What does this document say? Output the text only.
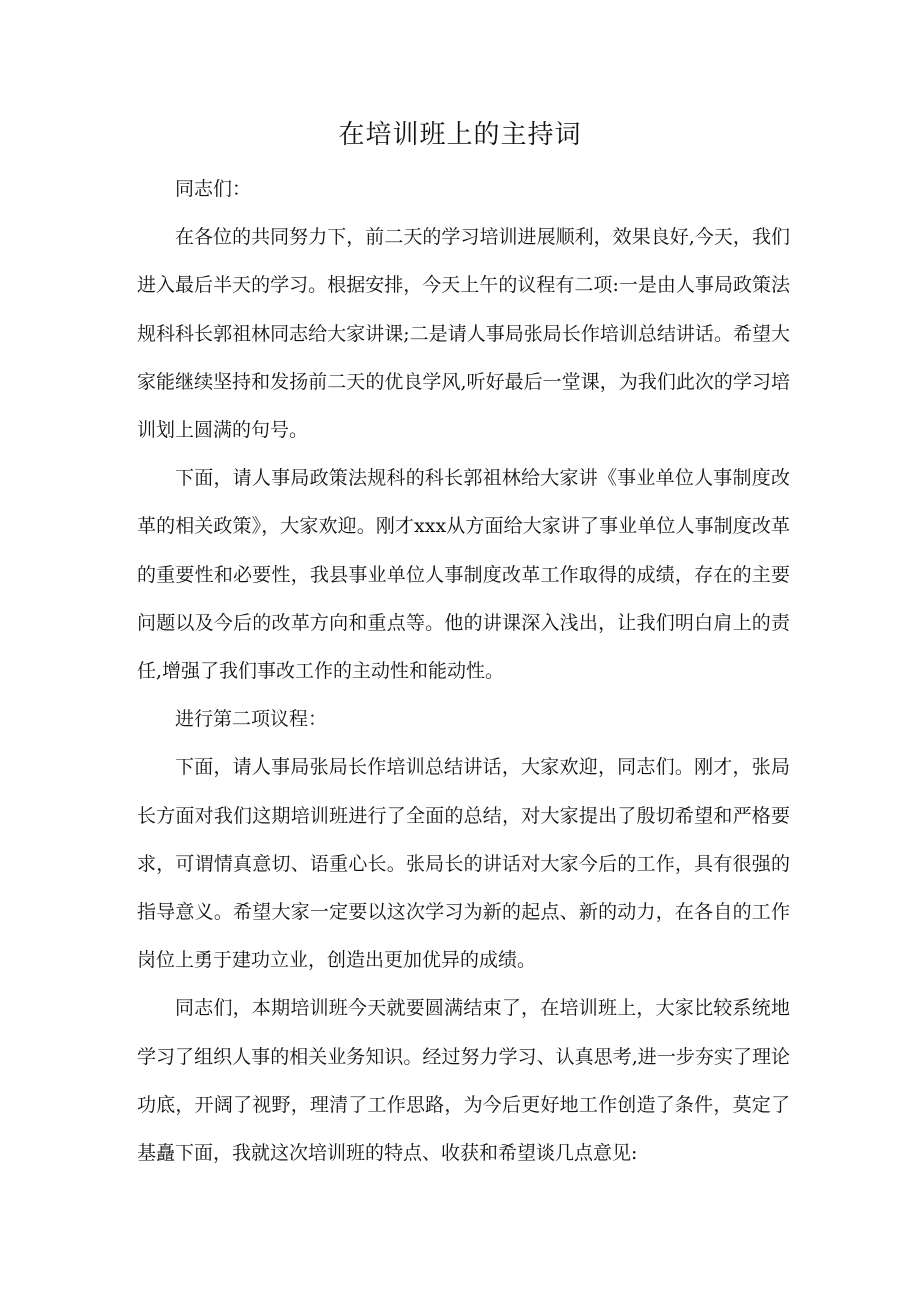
在培训班上的主持词

同志们：

在各位的共同努力下，前二天的学习培训进展顺利，效果良好,今天，我们进入最后半天的学习。根据安排，今天上午的议程有二项:一是由人事局政策法规科科长郭祖林同志给大家讲课;二是请人事局张局长作培训总结讲话。希望大家能继续坚持和发扬前二天的优良学风,听好最后一堂课，为我们此次的学习培训划上圆满的句号。

下面，请人事局政策法规科的科长郭祖林给大家讲《事业单位人事制度改革的相关政策》，大家欢迎。刚才xxx从方面给大家讲了事业单位人事制度改革的重要性和必要性，我县事业单位人事制度改革工作取得的成绩，存在的主要问题以及今后的改革方向和重点等。他的讲课深入浅出，让我们明白肩上的责任,增强了我们事改工作的主动性和能动性。

进行第二项议程：

下面，请人事局张局长作培训总结讲话，大家欢迎，同志们。刚才，张局长方面对我们这期培训班进行了全面的总结，对大家提出了殷切希望和严格要求，可谓情真意切、语重心长。张局长的讲话对大家今后的工作，具有很强的指导意义。希望大家一定要以这次学习为新的起点、新的动力，在各自的工作岗位上勇于建功立业，创造出更加优异的成绩。

同志们，本期培训班今天就要圆满结束了，在培训班上，大家比较系统地学习了组织人事的相关业务知识。经过努力学习、认真思考,进一步夯实了理论功底，开阔了视野，理清了工作思路，为今后更好地工作创造了条件，莫定了基矗下面，我就这次培训班的特点、收获和希望谈几点意见:
